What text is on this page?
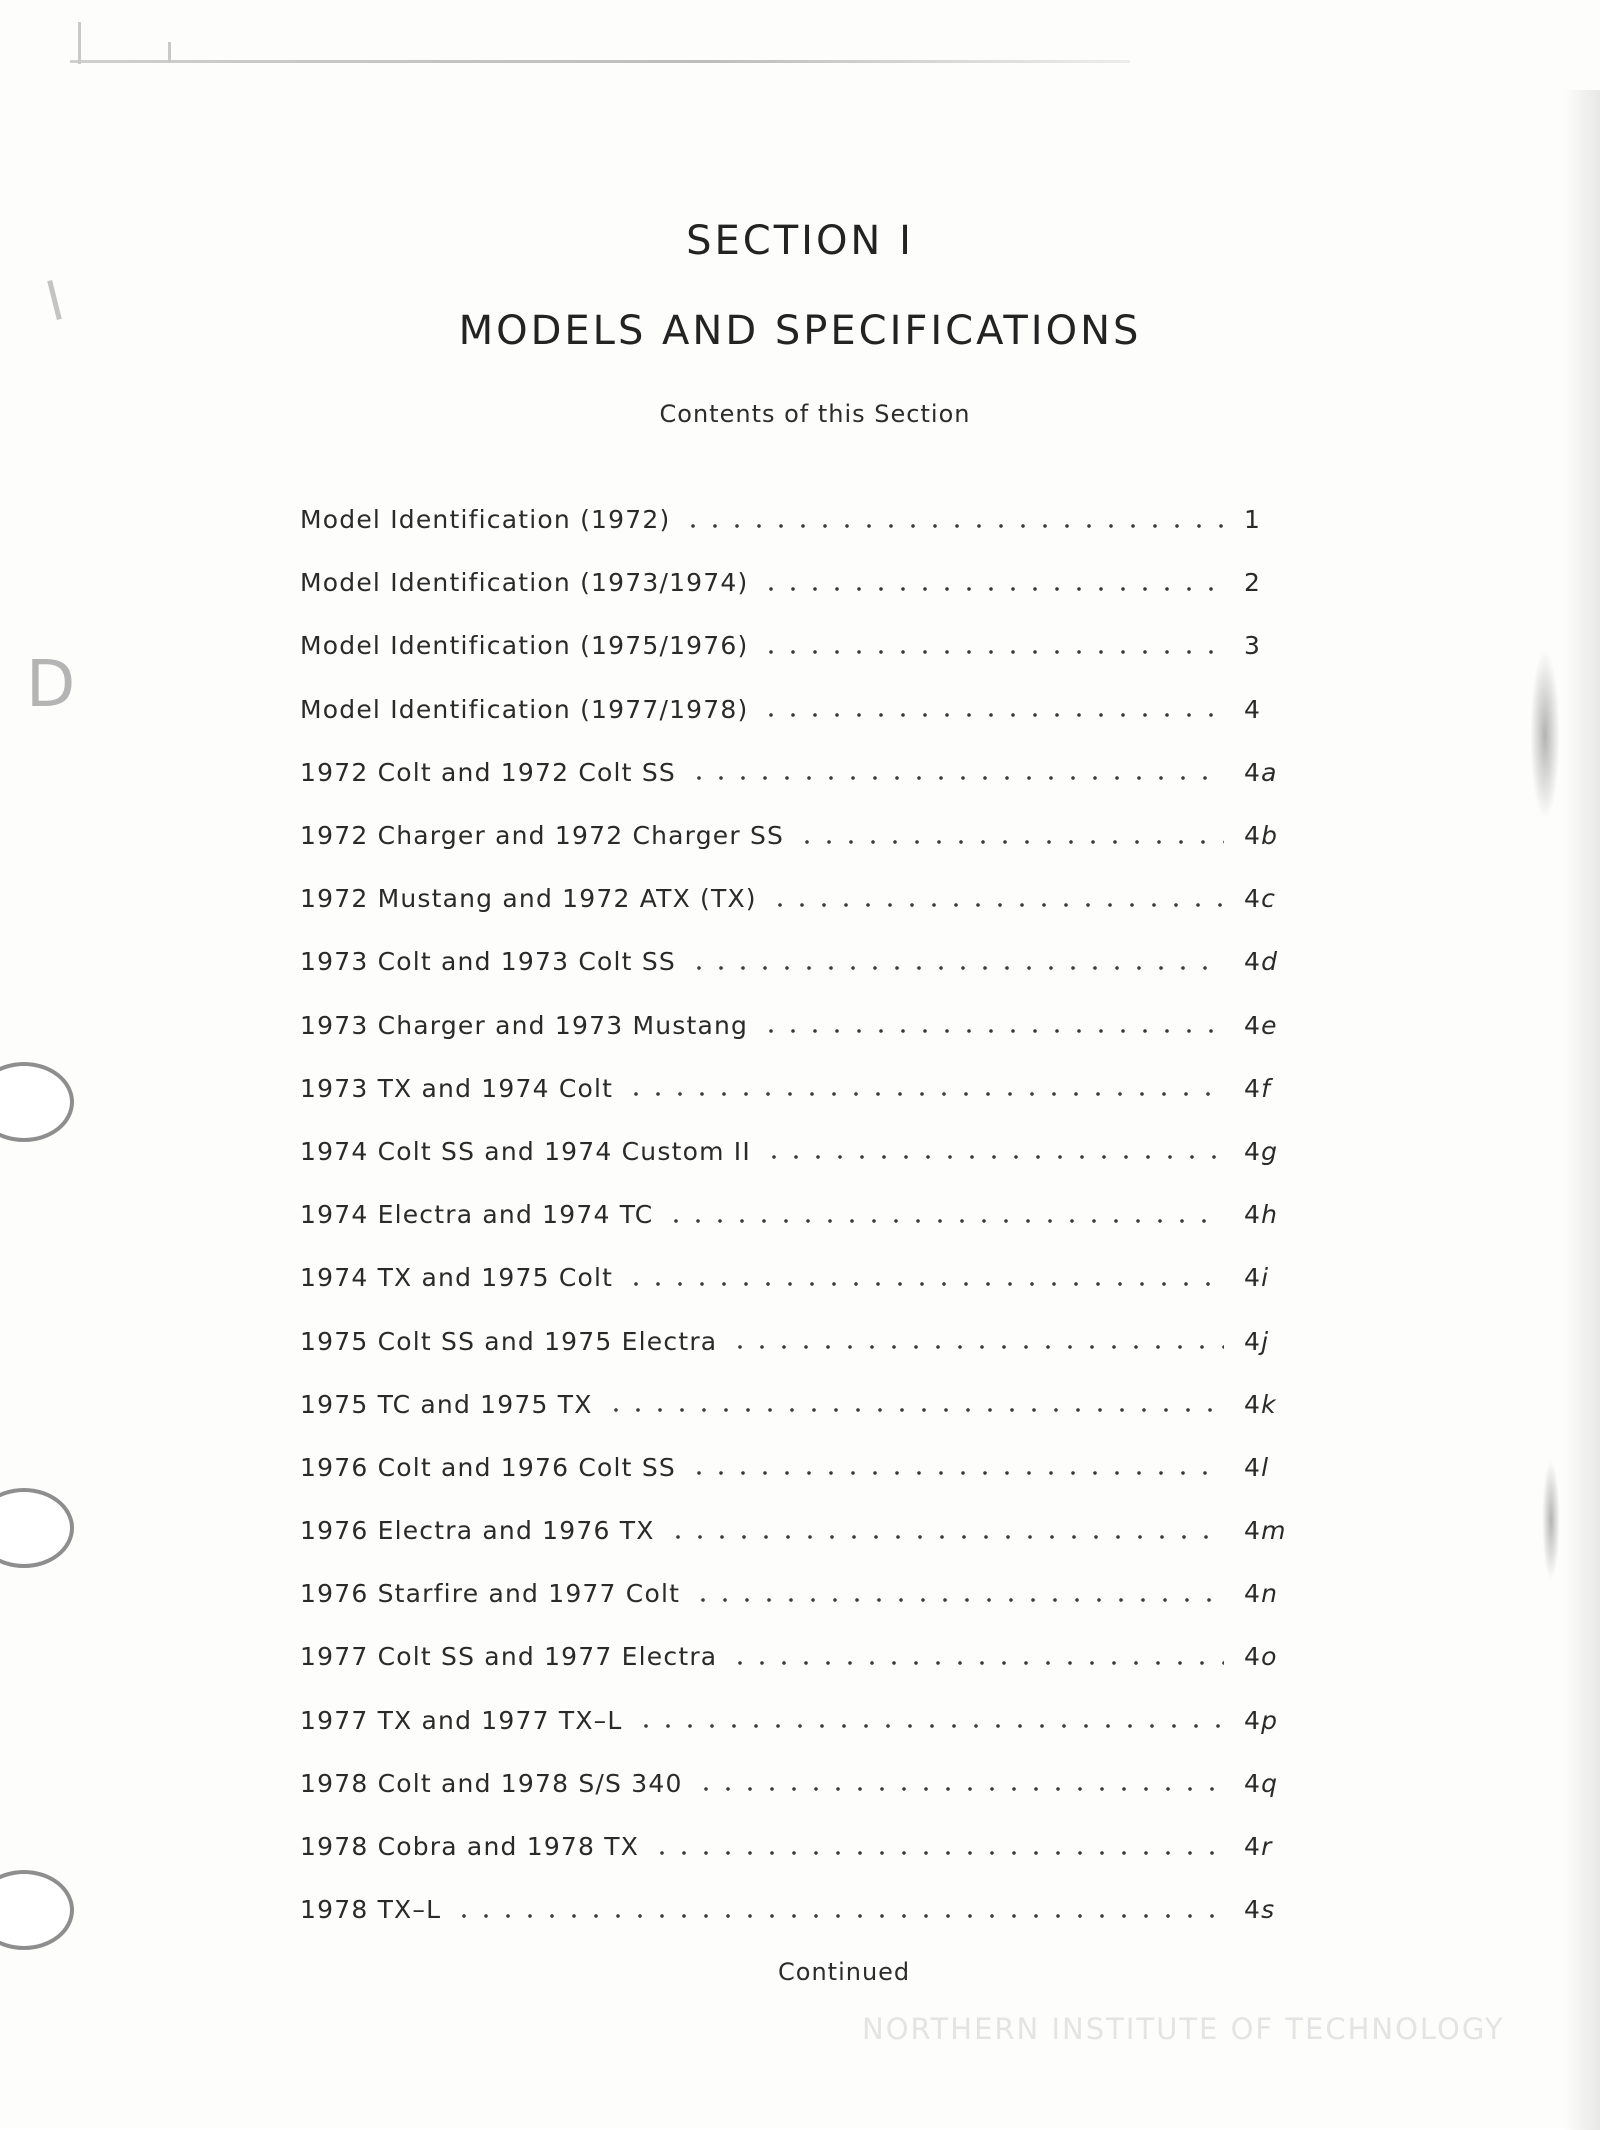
D
SECTION I
MODELS AND SPECIFICATIONS
Contents of this Section
Model Identification (1972)	1
Model Identification (1973/1974)	2
Model Identification (1975/1976)	3
Model Identification (1977/1978)	4
1972 Colt and 1972 Colt SS	4a
1972 Charger and 1972 Charger SS	4b
1972 Mustang and 1972 ATX (TX)	4c
1973 Colt and 1973 Colt SS	4d
1973 Charger and 1973 Mustang	4e
1973 TX and 1974 Colt	4f
1974 Colt SS and 1974 Custom II	4g
1974 Electra and 1974 TC	4h
1974 TX and 1975 Colt	4i
1975 Colt SS and 1975 Electra	4j
1975 TC and 1975 TX	4k
1976 Colt and 1976 Colt SS	4l
1976 Electra and 1976 TX	4m
1976 Starfire and 1977 Colt	4n
1977 Colt SS and 1977 Electra	4o
1977 TX and 1977 TX–L	4p
1978 Colt and 1978 S/S 340	4q
1978 Cobra and 1978 TX	4r
1978 TX–L	4s
Continued
NORTHERN INSTITUTE OF TECHNOLOGY
